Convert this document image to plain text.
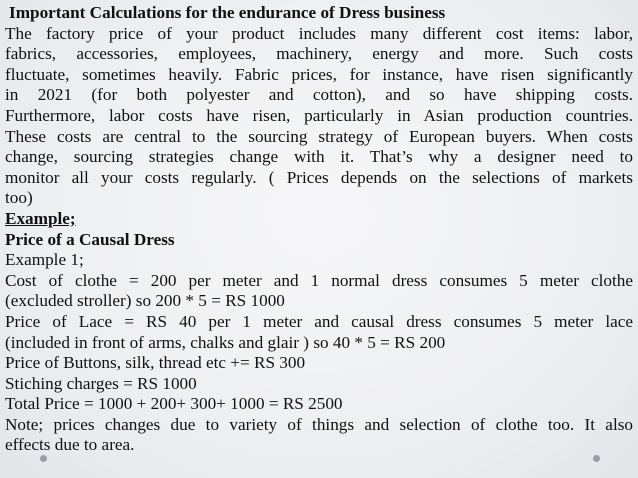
Important Calculations for the endurance of Dress business

The factory price of your product includes many different cost items: labor,

fabrics, accessories, employees, machinery, energy and more. Such costs

fluctuate, sometimes heavily. Fabric prices, for instance, have risen significantly

in 2021 (for both polyester and cotton), and so have shipping costs.

Furthermore, labor costs have risen, particularly in Asian production countries.

These costs are central to the sourcing strategy of European buyers. When costs

change, sourcing strategies change with it. That’s why a designer need to

monitor all your costs regularly. ( Prices depends on the selections of markets

too)

Example;

Price of a Causal Dress

Example 1;

Cost of clothe = 200 per meter and 1 normal dress consumes 5 meter clothe

(excluded stroller) so 200 * 5 = RS 1000

Price of Lace = RS 40 per 1 meter and causal dress consumes 5 meter lace

(included in front of arms, chalks and glair ) so 40 * 5 = RS 200

Price of Buttons, silk, thread etc += RS 300

Stiching charges = RS 1000

Total Price = 1000 + 200+ 300+ 1000 = RS 2500

Note; prices changes due to variety of things and selection of clothe too. It also

effects due to area.
